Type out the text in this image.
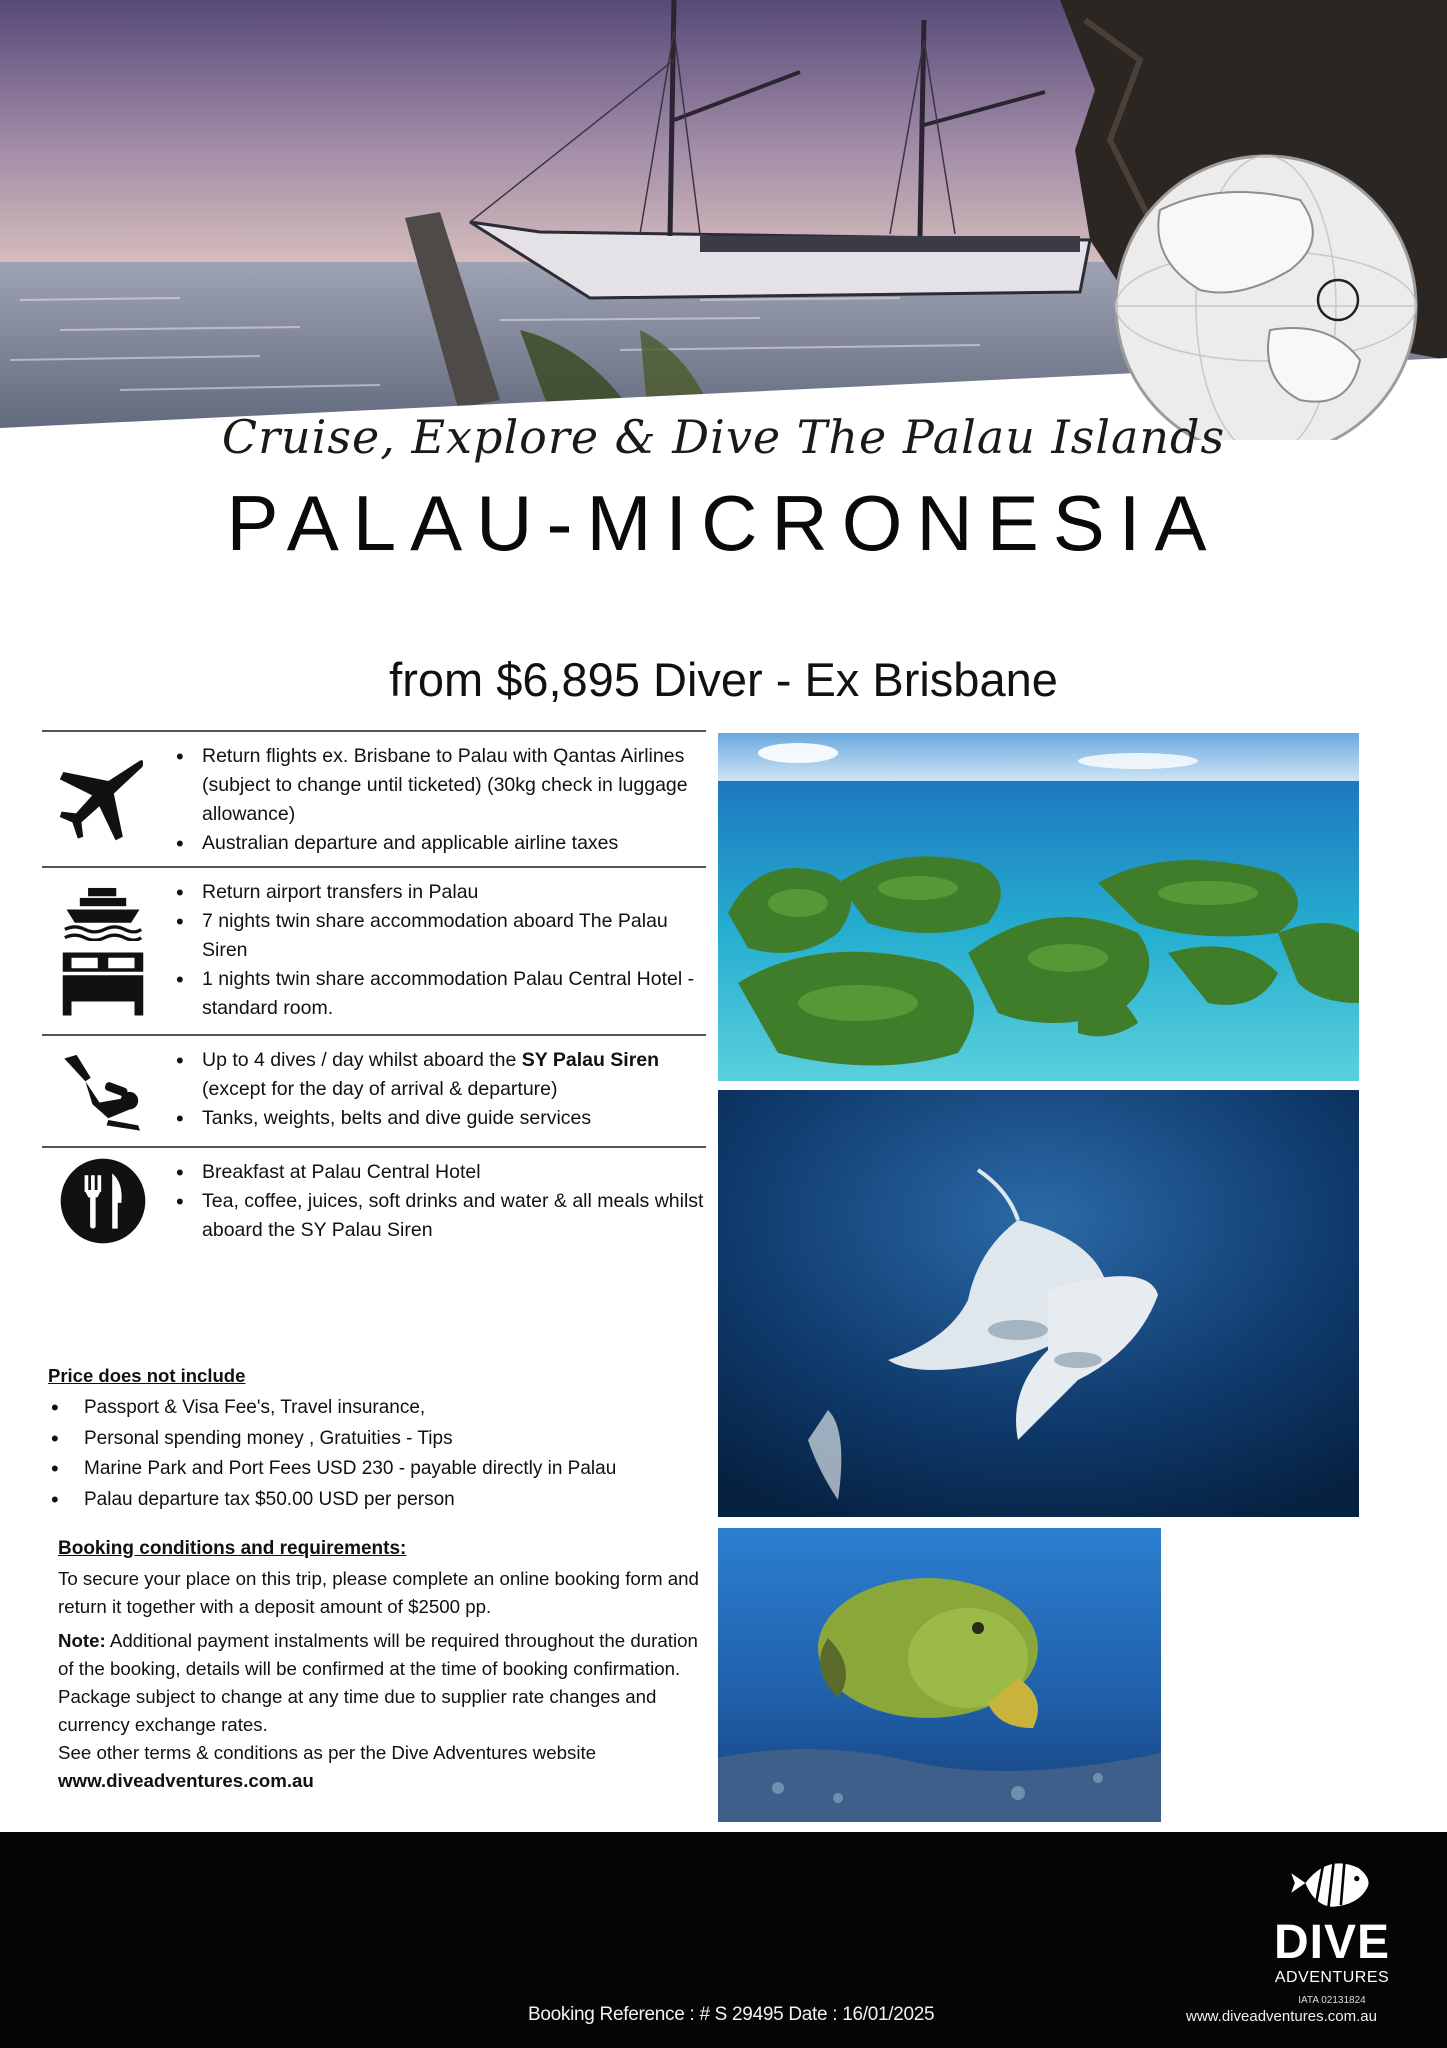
Cruise, Explore & Dive The Palau Islands
PALAU-MICRONESIA
from $6,895 Diver - Ex Brisbane
• Return flights ex. Brisbane to Palau with Qantas Airlines (subject to change until ticketed) (30kg check in luggage allowance)
• Australian departure and applicable airline taxes
• Return airport transfers in Palau
• 7 nights twin share accommodation aboard The Palau Siren
• 1 nights twin share accommodation Palau Central Hotel - standard room.
• Up to 4 dives / day whilst aboard the SY Palau Siren (except for the day of arrival & departure)
• Tanks, weights, belts and dive guide services
• Breakfast at Palau Central Hotel
• Tea, coffee, juices, soft drinks and water & all meals whilst aboard the SY Palau Siren
Price does not include
• Passport & Visa Fee's, Travel insurance,
• Personal spending money , Gratuities - Tips
• Marine Park and Port Fees USD 230 - payable directly in Palau
• Palau departure tax $50.00 USD per person
Booking conditions and requirements:

To secure your place on this trip, please complete an online booking form and return it together with a deposit amount of $2500 pp.

Note: Additional payment instalments will be required throughout the duration of the booking, details will be confirmed at the time of booking confirmation.

Package subject to change at any time due to supplier rate changes and currency exchange rates.

See other terms & conditions as per the Dive Adventures website

www.diveadventures.com.au

Booking Reference : # S 29495 Date : 16/01/2025
DIVE
ADVENTURES
IATA 02131824
www.diveadventures.com.au
